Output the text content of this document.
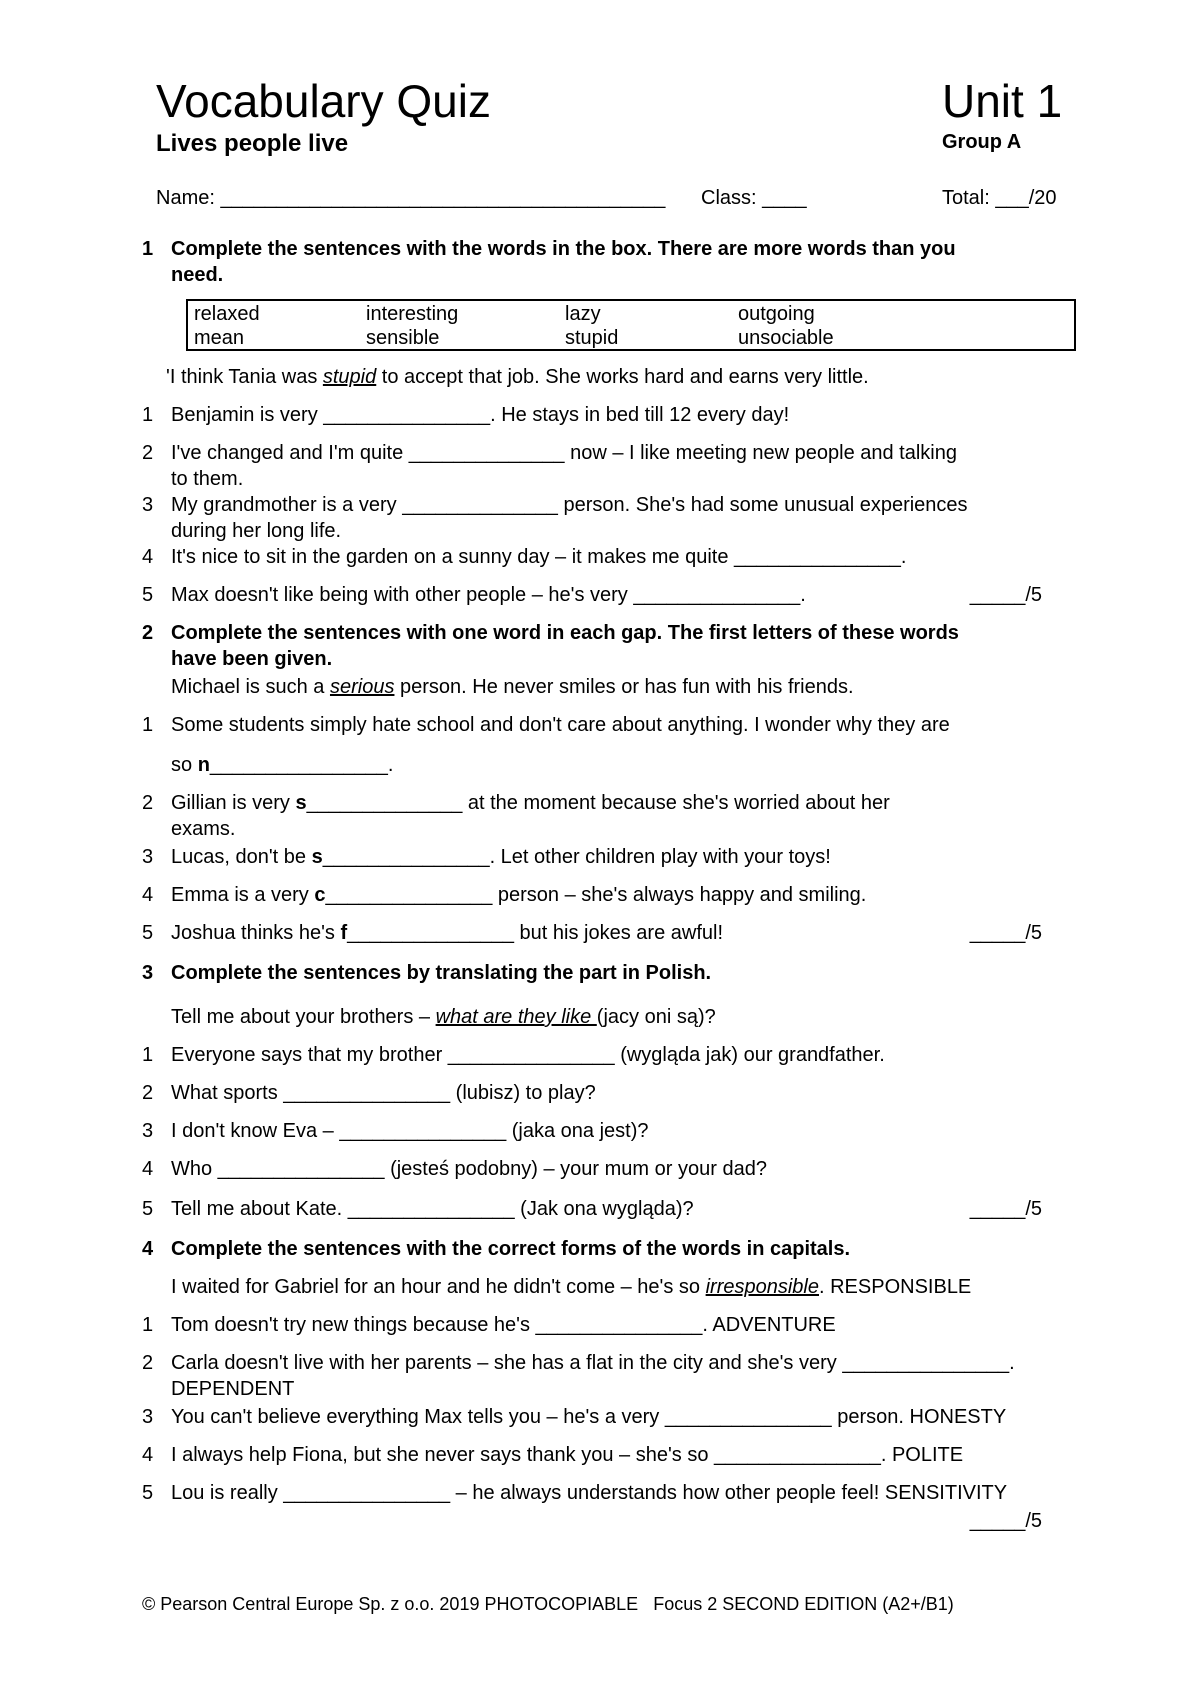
Vocabulary Quiz	Unit 1
Lives people live	Group A
Name: ________________________________________ Class: ____	Total: ___/20
1 Complete the sentences with the words in the box. There are more words than you
need.
relaxed	interesting	lazy	outgoing
mean	sensible	stupid	unsociable
'I think Tania was stupid to accept that job. She works hard and earns very little.
1 Benjamin is very _______________. He stays in bed till 12 every day!
2 I've changed and I'm quite ______________ now – I like meeting new people and talking
to them.
3 My grandmother is a very ______________ person. She's had some unusual experiences
during her long life.
4 It's nice to sit in the garden on a sunny day – it makes me quite _______________.
5 Max doesn't like being with other people – he's very _______________.	_____/5
2 Complete the sentences with one word in each gap. The first letters of these words
have been given.
Michael is such a serious person. He never smiles or has fun with his friends.
1 Some students simply hate school and don't care about anything. I wonder why they are
so n________________.
2 Gillian is very s______________ at the moment because she's worried about her
exams.
3 Lucas, don't be s_______________. Let other children play with your toys!
4 Emma is a very c_______________ person – she's always happy and smiling.
5 Joshua thinks he's f_______________ but his jokes are awful!	_____/5
3 Complete the sentences by translating the part in Polish.
Tell me about your brothers – what are they like (jacy oni są)?
1 Everyone says that my brother _______________ (wygląda jak) our grandfather.
2 What sports _______________ (lubisz) to play?
3 I don't know Eva – _______________ (jaka ona jest)?
4 Who _______________ (jesteś podobny) – your mum or your dad?
5 Tell me about Kate. _______________ (Jak ona wygląda)?	_____/5
4 Complete the sentences with the correct forms of the words in capitals.
I waited for Gabriel for an hour and he didn't come – he's so irresponsible. RESPONSIBLE
1 Tom doesn't try new things because he's _______________. ADVENTURE
2 Carla doesn't live with her parents – she has a flat in the city and she's very _______________.
DEPENDENT
3 You can't believe everything Max tells you – he's a very _______________ person. HONESTY
4 I always help Fiona, but she never says thank you – she's so _______________. POLITE
5 Lou is really _______________ – he always understands how other people feel! SENSITIVITY
_____/5
© Pearson Central Europe Sp. z o.o. 2019 PHOTOCOPIABLE Focus 2 SECOND EDITION (A2+/B1)
